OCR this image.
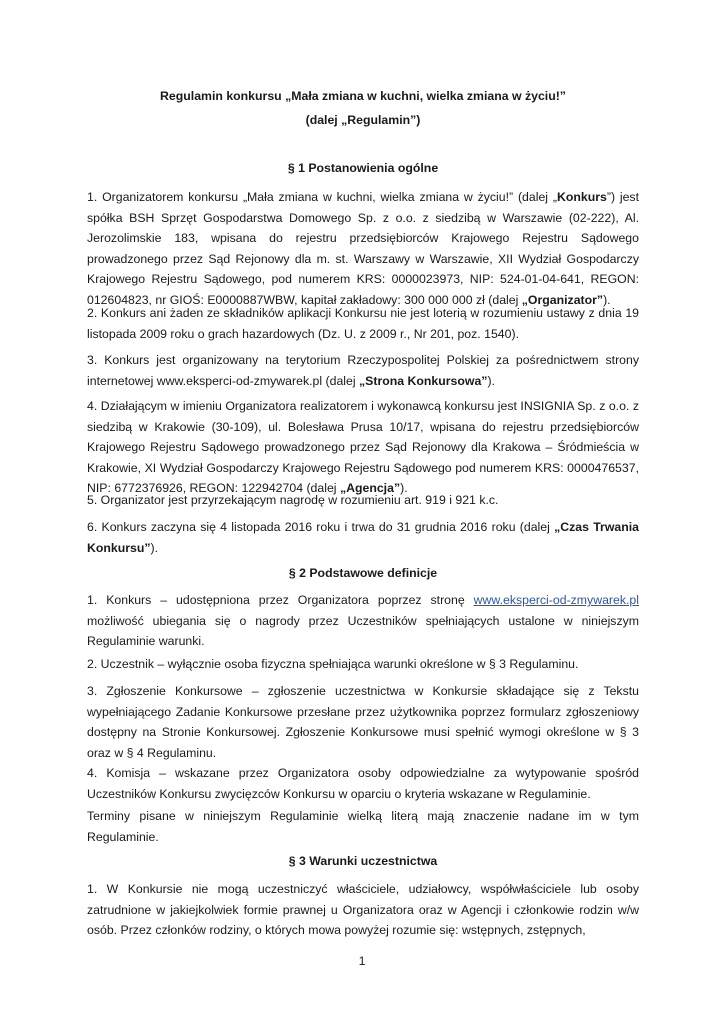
Regulamin konkursu „Mała zmiana w kuchni, wielka zmiana w życiu!”

(dalej „Regulamin”)

§ 1 Postanowienia ogólne

1. Organizatorem konkursu „Mała zmiana w kuchni, wielka zmiana w życiu!” (dalej „Konkurs”) jest spółka BSH Sprzęt Gospodarstwa Domowego Sp. z o.o. z siedzibą w Warszawie (02-222), Al. Jerozolimskie 183, wpisana do rejestru przedsiębiorców Krajowego Rejestru Sądowego prowadzonego przez Sąd Rejonowy dla m. st. Warszawy w Warszawie, XII Wydział Gospodarczy Krajowego Rejestru Sądowego, pod numerem KRS: 0000023973, NIP: 524-01-04-641, REGON: 012604823, nr GIOŚ: E0000887WBW, kapitał zakładowy: 300 000 000 zł (dalej „Organizator”).

2. Konkurs ani żaden ze składników aplikacji Konkursu nie jest loterią w rozumieniu ustawy z dnia 19 listopada 2009 roku o grach hazardowych (Dz. U. z 2009 r., Nr 201, poz. 1540).

3. Konkurs jest organizowany na terytorium Rzeczypospolitej Polskiej za pośrednictwem strony internetowej www.eksperci-od-zmywarek.pl (dalej „Strona Konkursowa”).

4. Działającym w imieniu Organizatora realizatorem i wykonawcą konkursu jest INSIGNIA Sp. z o.o. z siedzibą w Krakowie (30-109), ul. Bolesława Prusa 10/17, wpisana do rejestru przedsiębiorców Krajowego Rejestru Sądowego prowadzonego przez Sąd Rejonowy dla Krakowa – Śródmieścia w Krakowie, XI Wydział Gospodarczy Krajowego Rejestru Sądowego pod numerem KRS: 0000476537, NIP: 6772376926, REGON: 122942704 (dalej „Agencja”).

5. Organizator jest przyrzekającym nagrodę w rozumieniu art. 919 i 921 k.c.

6. Konkurs zaczyna się 4 listopada 2016 roku i trwa do 31 grudnia 2016 roku (dalej „Czas Trwania Konkursu”).

§ 2 Podstawowe definicje

1. Konkurs – udostępniona przez Organizatora poprzez stronę www.eksperci-od-zmywarek.pl możliwość ubiegania się o nagrody przez Uczestników spełniających ustalone w niniejszym Regulaminie warunki.

2. Uczestnik – wyłącznie osoba fizyczna spełniająca warunki określone w § 3 Regulaminu.

3. Zgłoszenie Konkursowe – zgłoszenie uczestnictwa w Konkursie składające się z Tekstu wypełniającego Zadanie Konkursowe przesłane przez użytkownika poprzez formularz zgłoszeniowy dostępny na Stronie Konkursowej. Zgłoszenie Konkursowe musi spełnić wymogi określone w § 3 oraz w § 4 Regulaminu.

4. Komisja – wskazane przez Organizatora osoby odpowiedzialne za wytypowanie spośród Uczestników Konkursu zwycięzców Konkursu w oparciu o kryteria wskazane w Regulaminie.

Terminy pisane w niniejszym Regulaminie wielką literą mają znaczenie nadane im w tym Regulaminie.

§ 3 Warunki uczestnictwa

1. W Konkursie nie mogą uczestniczyć właściciele, udziałowcy, współwłaściciele lub osoby zatrudnione w jakiejkolwiek formie prawnej u Organizatora oraz w Agencji i członkowie rodzin w/w osób. Przez członków rodziny, o których mowa powyżej rozumie się: wstępnych, zstępnych,

1
